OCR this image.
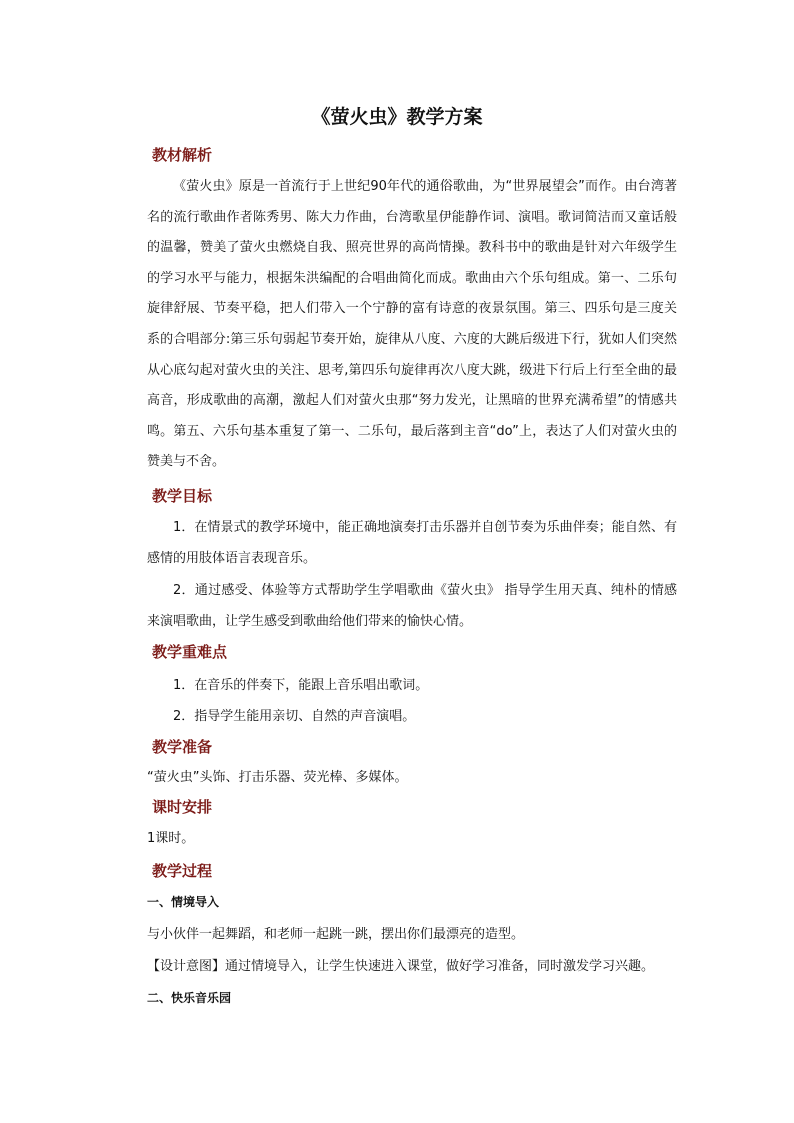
《萤火虫》教学方案
教材解析

《萤火虫》原是一首流行于上世纪90年代的通俗歌曲，为“世界展望会”而作。由台湾著名的流行歌曲作者陈秀男、陈大力作曲，台湾歌星伊能静作词、演唱。歌词简洁而又童话般的温馨，赞美了萤火虫燃烧自我、照亮世界的高尚情操。教科书中的歌曲是针对六年级学生的学习水平与能力，根据朱洪编配的合唱曲简化而成。歌曲由六个乐句组成。第一、二乐句旋律舒展、节奏平稳，把人们带入一个宁静的富有诗意的夜景氛围。第三、四乐句是三度关系的合唱部分:第三乐句弱起节奏开始，旋律从八度、六度的大跳后级进下行，犹如人们突然从心底勾起对萤火虫的关注、思考,第四乐句旋律再次八度大跳，级进下行后上行至全曲的最高音，形成歌曲的高潮，激起人们对萤火虫那“努力发光，让黑暗的世界充满希望”的情感共鸣。第五、六乐句基本重复了第一、二乐句，最后落到主音“do”上，表达了人们对萤火虫的赞美与不舍。

教学目标

1．在情景式的教学环境中，能正确地演奏打击乐器并自创节奏为乐曲伴奏；能自然、有感情的用肢体语言表现音乐。

2．通过感受、体验等方式帮助学生学唱歌曲《萤火虫》 指导学生用天真、纯朴的情感来演唱歌曲，让学生感受到歌曲给他们带来的愉快心情。

教学重难点

1．在音乐的伴奏下，能跟上音乐唱出歌词。

2．指导学生能用亲切、自然的声音演唱。

教学准备

“萤火虫”头饰、打击乐器、荧光棒、多媒体。

课时安排

1课时。

教学过程
一、情境导入

与小伙伴一起舞蹈，和老师一起跳一跳，摆出你们最漂亮的造型。

【设计意图】通过情境导入，让学生快速进入课堂，做好学习准备，同时激发学习兴趣。

二、快乐音乐园
